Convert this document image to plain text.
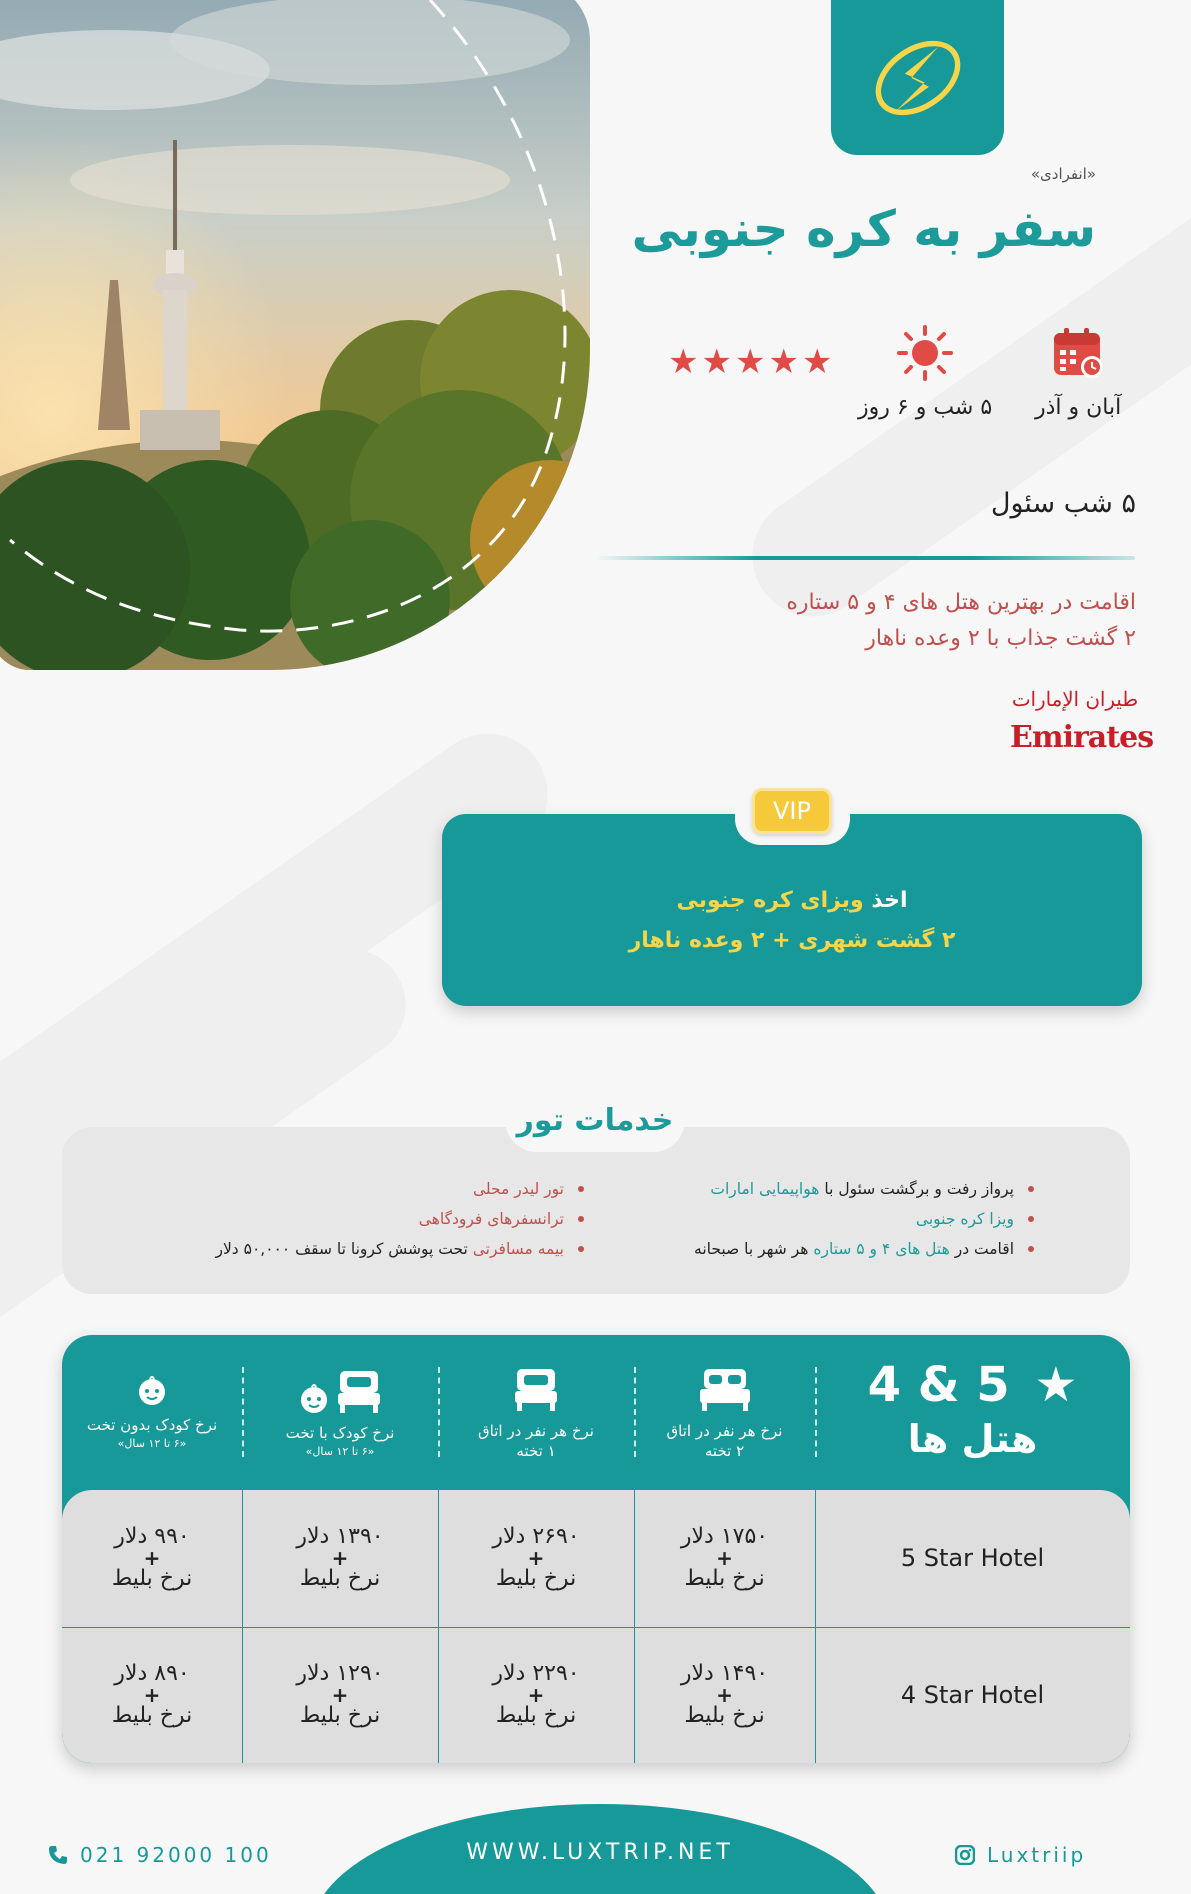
«انفرادی»
سفر به کره جنوبی
آبان و آذر
۵ شب و ۶ روز
★ ★ ★ ★ ★
۵ شب سئول
اقامت در بهترین هتل های ۴ و ۵ ستاره
۲ گشت جذاب با ۲ وعده ناهار
طيران الإمارات
Emirates
VIP
اخذ ویزای کره جنوبی
۲ گشت شهری + ۲ وعده ناهار
خدمات تور
پرواز رفت و برگشت سئول با هواپیمایی امارات
ویزا کره جنوبی
اقامت در هتل های ۴ و ۵ ستاره هر شهر با صبحانه
تور لیدر محلی
ترانسفرهای فرودگاهی
بیمه مسافرتی تحت پوشش کرونا تا سقف ۵۰,۰۰۰ دلار
4 & 5 ★
هتل ها
نرخ هر نفر در اتاق
۲ تخته
نرخ هر نفر در اتاق
۱ تخته
نرخ کودک با تخت
«۶ تا ۱۲ سال»
نرخ کودک بدون تخت
«۶ تا ۱۲ سال»
5 Star Hotel
۱۷۵۰ دلار
+
نرخ بلیط
۲۶۹۰ دلار
+
نرخ بلیط
۱۳۹۰ دلار
+
نرخ بلیط
۹۹۰ دلار
+
نرخ بلیط
4 Star Hotel
۱۴۹۰ دلار
+
نرخ بلیط
۲۲۹۰ دلار
+
نرخ بلیط
۱۲۹۰ دلار
+
نرخ بلیط
۸۹۰ دلار
+
نرخ بلیط
021 92000 100	WWW.LUXTRIP.NET	Luxtriip
